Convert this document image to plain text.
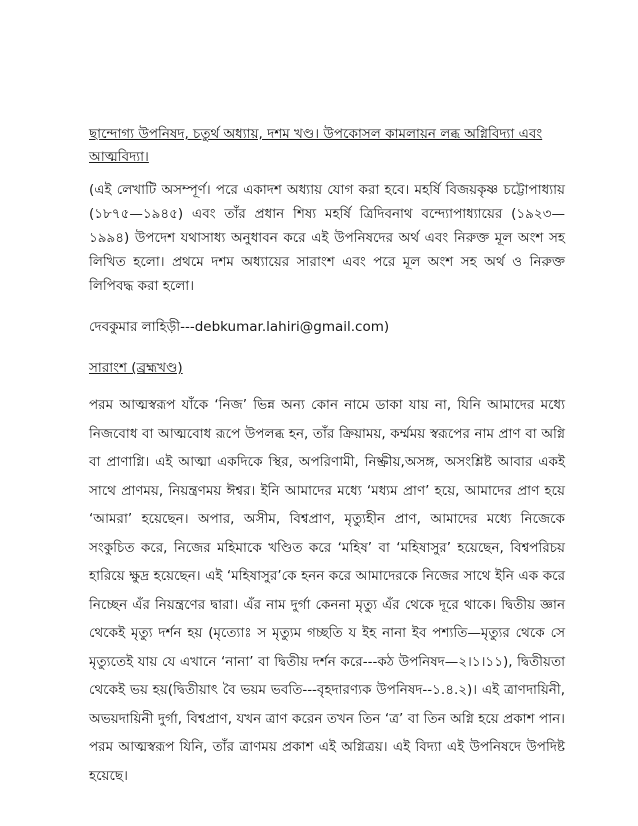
ছান্দোগ্য উপনিষদ, চতুর্থ অধ্যায়, দশম খণ্ড। উপকোসল কামলায়ন লব্ধ অগ্নিবিদ্যা এবং আত্মবিদ্যা।
(এই লেখাটি অসম্পূর্ণ। পরে একাদশ অধ্যায় যোগ করা হবে। মহর্ষি বিজয়কৃষ্ণ চট্টোপাধ্যায় (১৮৭৫—১৯৪৫) এবং তাঁর প্রধান শিষ্য মহর্ষি ত্রিদিবনাথ বন্দ্যোপাধ্যায়ের (১৯২৩—১৯৯৪) উপদেশ যথাসাধ্য অনুধাবন করে এই উপনিষদের অর্থ এবং নিরুক্ত মূল অংশ সহ লিখিত হলো। প্রথমে দশম অধ্যায়ের সারাংশ এবং পরে মূল অংশ সহ অর্থ ও নিরুক্ত লিপিবদ্ধ করা হলো।
দেবকুমার লাহিড়ী---debkumar.lahiri@gmail.com)
সারাংশ (ব্রহ্মখণ্ড)
পরম আত্মস্বরূপ যাঁকে ‘নিজ’ ভিন্ন অন্য কোন নামে ডাকা যায় না, যিনি আমাদের মধ্যে নিজবোধ বা আত্মবোধ রূপে উপলব্ধ হন, তাঁর ক্রিয়াময়, কর্ম্মময় স্বরূপের নাম প্রাণ বা অগ্নি বা প্রাণাগ্নি। এই আত্মা একদিকে স্থির, অপরিণামী, নিষ্ক্রীয়,অসঙ্গ, অসংশ্লিষ্ট আবার একই সাথে প্রাণময়, নিয়ন্ত্রণময় ঈশ্বর। ইনি আমাদের মধ্যে ‘মধ্যম প্রাণ’ হয়ে, আমাদের প্রাণ হয়ে ‘আমরা’ হয়েছেন। অপার, অসীম, বিশ্বপ্রাণ, মৃত্যুহীন প্রাণ, আমাদের মধ্যে নিজেকে সংকুচিত করে, নিজের মহিমাকে খণ্ডিত করে ‘মহিষ’ বা ‘মহিষাসুর’ হয়েছেন, বিশ্বপরিচয় হারিয়ে ক্ষুদ্র হয়েছেন। এই ‘মহিষাসুর’কে হনন করে আমাদেরকে নিজের সাথে ইনি এক করে নিচ্ছেন এঁর নিয়ন্ত্রণের দ্বারা। এঁর নাম দুর্গা কেননা মৃত্যু এঁর থেকে দূরে থাকে। দ্বিতীয় জ্ঞান থেকেই মৃত্যু দর্শন হয় (মৃত্যোঃ স মৃত্যুম গচ্ছতি য ইহ নানা ইব পশ্যতি—মৃত্যুর থেকে সে মৃত্যুতেই যায় যে এখানে ‘নানা’ বা দ্বিতীয় দর্শন করে---কঠ উপনিষদ—২।১।১১), দ্বিতীয়তা থেকেই ভয় হয়(দ্বিতীয়াৎ বৈ ভয়ম ভবতি---বৃহদারণ্যক উপনিষদ--১.৪.২)। এই ত্রাণদায়িনী, অভয়দায়িনী দুর্গা, বিশ্বপ্রাণ, যখন ত্রাণ করেন তখন তিন ‘ত্র’ বা তিন অগ্নি হয়ে প্রকাশ পান। পরম আত্মস্বরূপ যিনি, তাঁর ত্রাণময় প্রকাশ এই অগ্নিত্রয়। এই বিদ্যা এই উপনিষদে উপদিষ্ট হয়েছে।
